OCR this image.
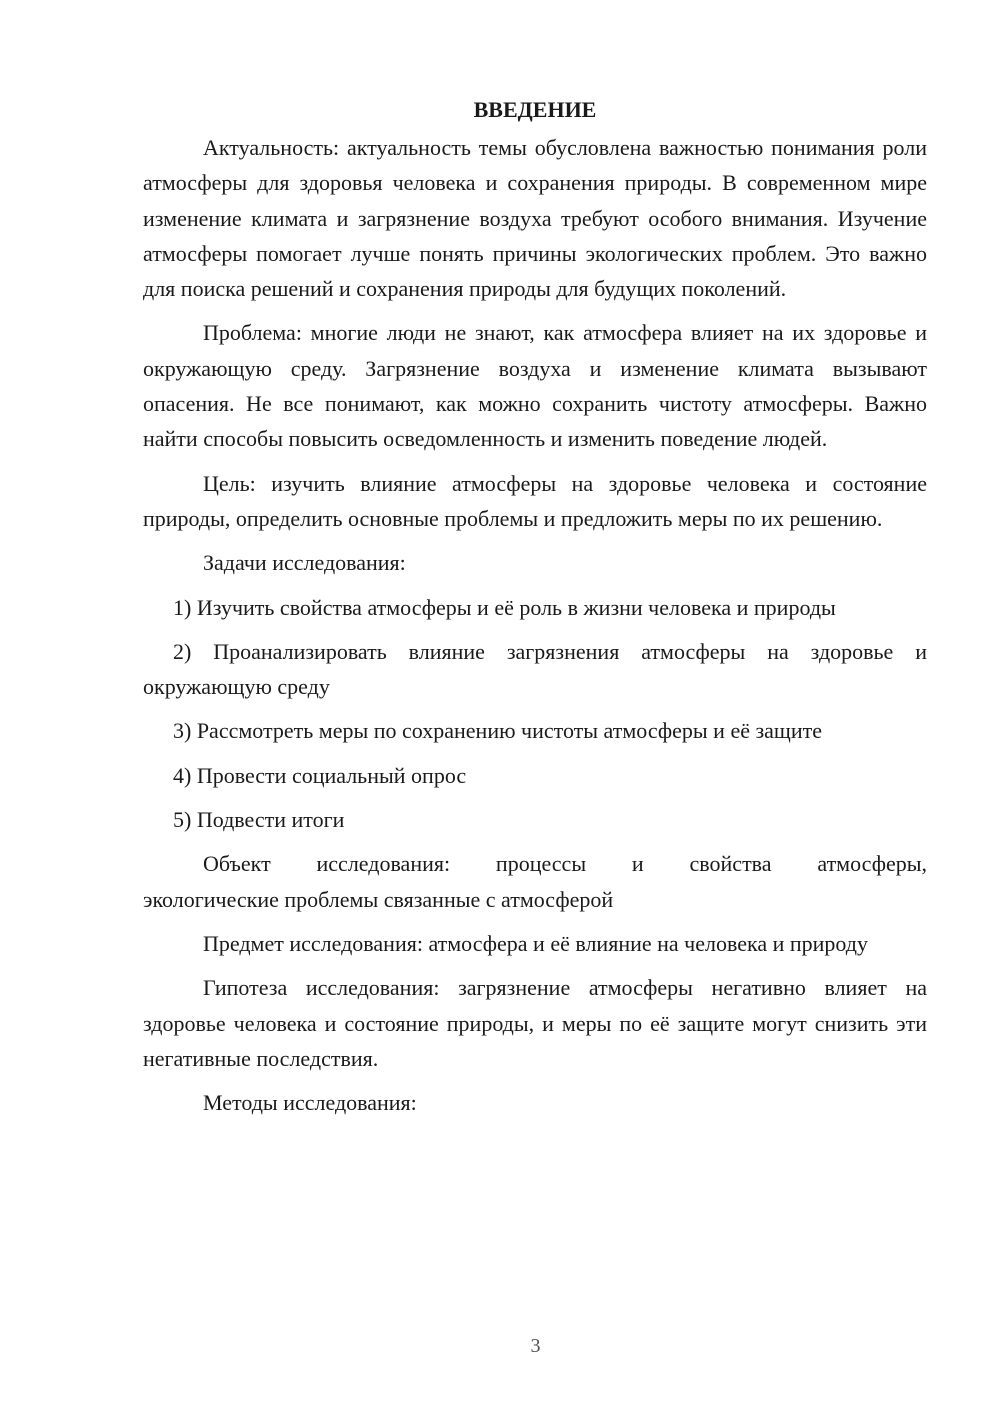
ВВЕДЕНИЕ

Актуальность: актуальность темы обусловлена важностью понимания роли атмосферы для здоровья человека и сохранения природы. В современном мире изменение климата и загрязнение воздуха требуют особого внимания. Изучение атмосферы помогает лучше понять причины экологических проблем. Это важно для поиска решений и сохранения природы для будущих поколений.

Проблема: многие люди не знают, как атмосфера влияет на их здоровье и окружающую среду. Загрязнение воздуха и изменение климата вызывают опасения. Не все понимают, как можно сохранить чистоту атмосферы. Важно найти способы повысить осведомленность и изменить поведение людей.

Цель: изучить влияние атмосферы на здоровье человека и состояние природы, определить основные проблемы и предложить меры по их решению.

Задачи исследования:

1) Изучить свойства атмосферы и её роль в жизни человека и природы

2) Проанализировать влияние загрязнения атмосферы на здоровье и окружающую среду

3) Рассмотреть меры по сохранению чистоты атмосферы и её защите

4) Провести социальный опрос

5) Подвести итоги

Объект исследования: процессы и свойства атмосферы,
экологические проблемы связанные с атмосферой

Предмет исследования: атмосфера и её влияние на человека и природу

Гипотеза исследования: загрязнение атмосферы негативно влияет на здоровье человека и состояние природы, и меры по её защите могут снизить эти негативные последствия.

Методы исследования:

3
